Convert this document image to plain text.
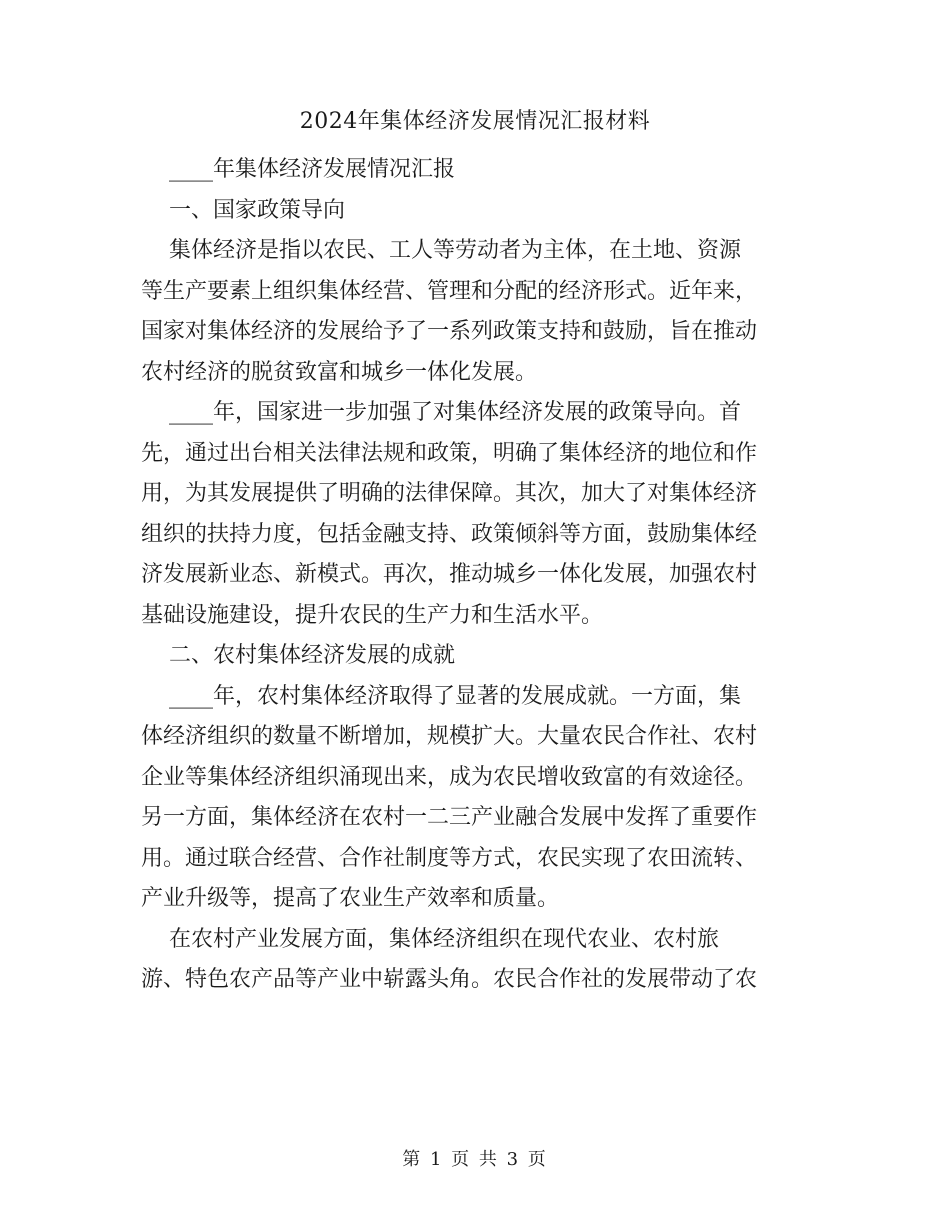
2024年集体经济发展情况汇报材料
____年集体经济发展情况汇报
一、国家政策导向
集体经济是指以农民、工人等劳动者为主体，在土地、资源
等生产要素上组织集体经营、管理和分配的经济形式。近年来，
国家对集体经济的发展给予了一系列政策支持和鼓励，旨在推动
农村经济的脱贫致富和城乡一体化发展。
____年，国家进一步加强了对集体经济发展的政策导向。首
先，通过出台相关法律法规和政策，明确了集体经济的地位和作
用，为其发展提供了明确的法律保障。其次，加大了对集体经济
组织的扶持力度，包括金融支持、政策倾斜等方面，鼓励集体经
济发展新业态、新模式。再次，推动城乡一体化发展，加强农村
基础设施建设，提升农民的生产力和生活水平。
二、农村集体经济发展的成就
____年，农村集体经济取得了显著的发展成就。一方面，集
体经济组织的数量不断增加，规模扩大。大量农民合作社、农村
企业等集体经济组织涌现出来，成为农民增收致富的有效途径。
另一方面，集体经济在农村一二三产业融合发展中发挥了重要作
用。通过联合经营、合作社制度等方式，农民实现了农田流转、
产业升级等，提高了农业生产效率和质量。
在农村产业发展方面，集体经济组织在现代农业、农村旅
游、特色农产品等产业中崭露头角。农民合作社的发展带动了农
第 1 页 共 3 页
